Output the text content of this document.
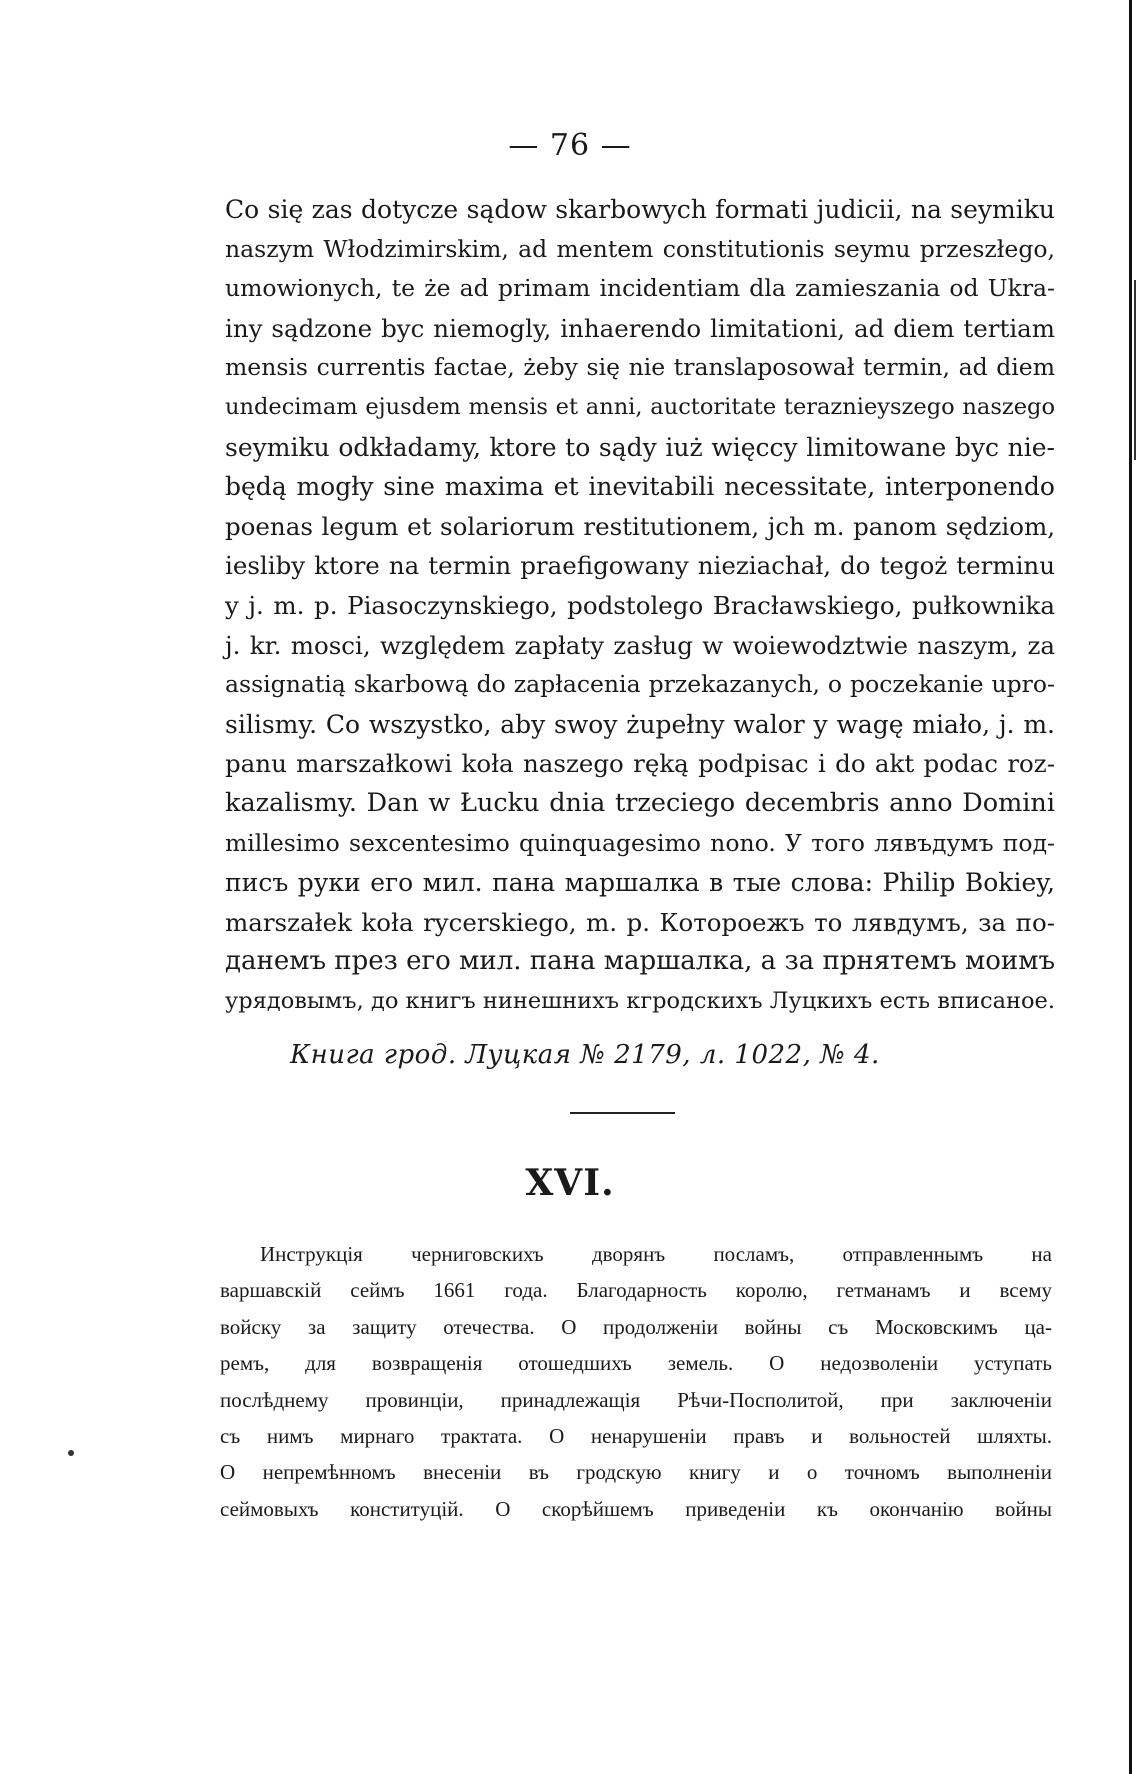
— 76 —
Co się zas dotycze sądow skarbowych formati judicii, na seymiku
naszym Włodzimirskim, ad mentem constitutionis seymu przeszłego,
umowionych, te że ad primam incidentiam dla zamieszania od Ukra-
iny sądzone byc niemogly, inhaerendo limitationi, ad diem tertiam
mensis currentis factae, żeby się nie translaposował termin, ad diem
undecimam ejusdem mensis et anni, auctoritate teraznieyszego naszego
seymiku odkładamy, ktore to sądy iuż więccy limitowane byc nie-
będą mogły sine maxima et inevitabili necessitate, interponendo
poenas legum et solariorum restitutionem, jch m. panom sędziom,
iesliby ktore na termin praefigowany nieziachał, do tegoż terminu
y j. m. p. Piasoczynskiego, podstolego Bracławskiego, pułkownika
j. kr. mosci, względem zapłaty zasług w woiewodztwie naszym, za
assignatią skarbową do zapłacenia przekazanych, o poczekanie upro-
silismy. Co wszystko, aby swoy żupełny walor y wagę miało, j. m.
panu marszałkowi koła naszego ręką podpisac i do akt podac roz-
kazalismy. Dan w Łucku dnia trzeciego decembris anno Domini
millesimo sexcentesimo quinquagesimo nono. У того лявъдумъ под-
писъ руки его мил. пана маршалка в тые слова: Philip Bokiey,
marszałek koła rycerskiego, m. p. Которoежъ то лявдумъ, за по-
данемъ през его мил. пана маршалка, а за прнятемъ моимъ
урядовымъ, до книгъ нинешнихъ кгродскихъ Луцкихъ есть вписаное.
Книга грод. Луцкая № 2179, л. 1022, № 4.
XVI.
Инструкція черниговскихъ дворянъ посламъ, отправленнымъ на
варшавскій сеймъ 1661 года. Благодарность королю, гетманамъ и всему
войску за защиту отечества. О продолженіи войны съ Московскимъ ца-
ремъ, для возвращенія отошедшихъ земель. О недозволеніи уступать
послѣднему провинціи, принадлежащія Рѣчи-Посполитой, при заключеніи
съ нимъ мирнаго трактата. О ненарушеніи правъ и вольностей шляхты.
О непремѣнномъ внесеніи въ гродскую книгу и о точномъ выполненіи
сеймовыхъ конституцій. О скорѣйшемъ приведеніи къ окончанію войны
